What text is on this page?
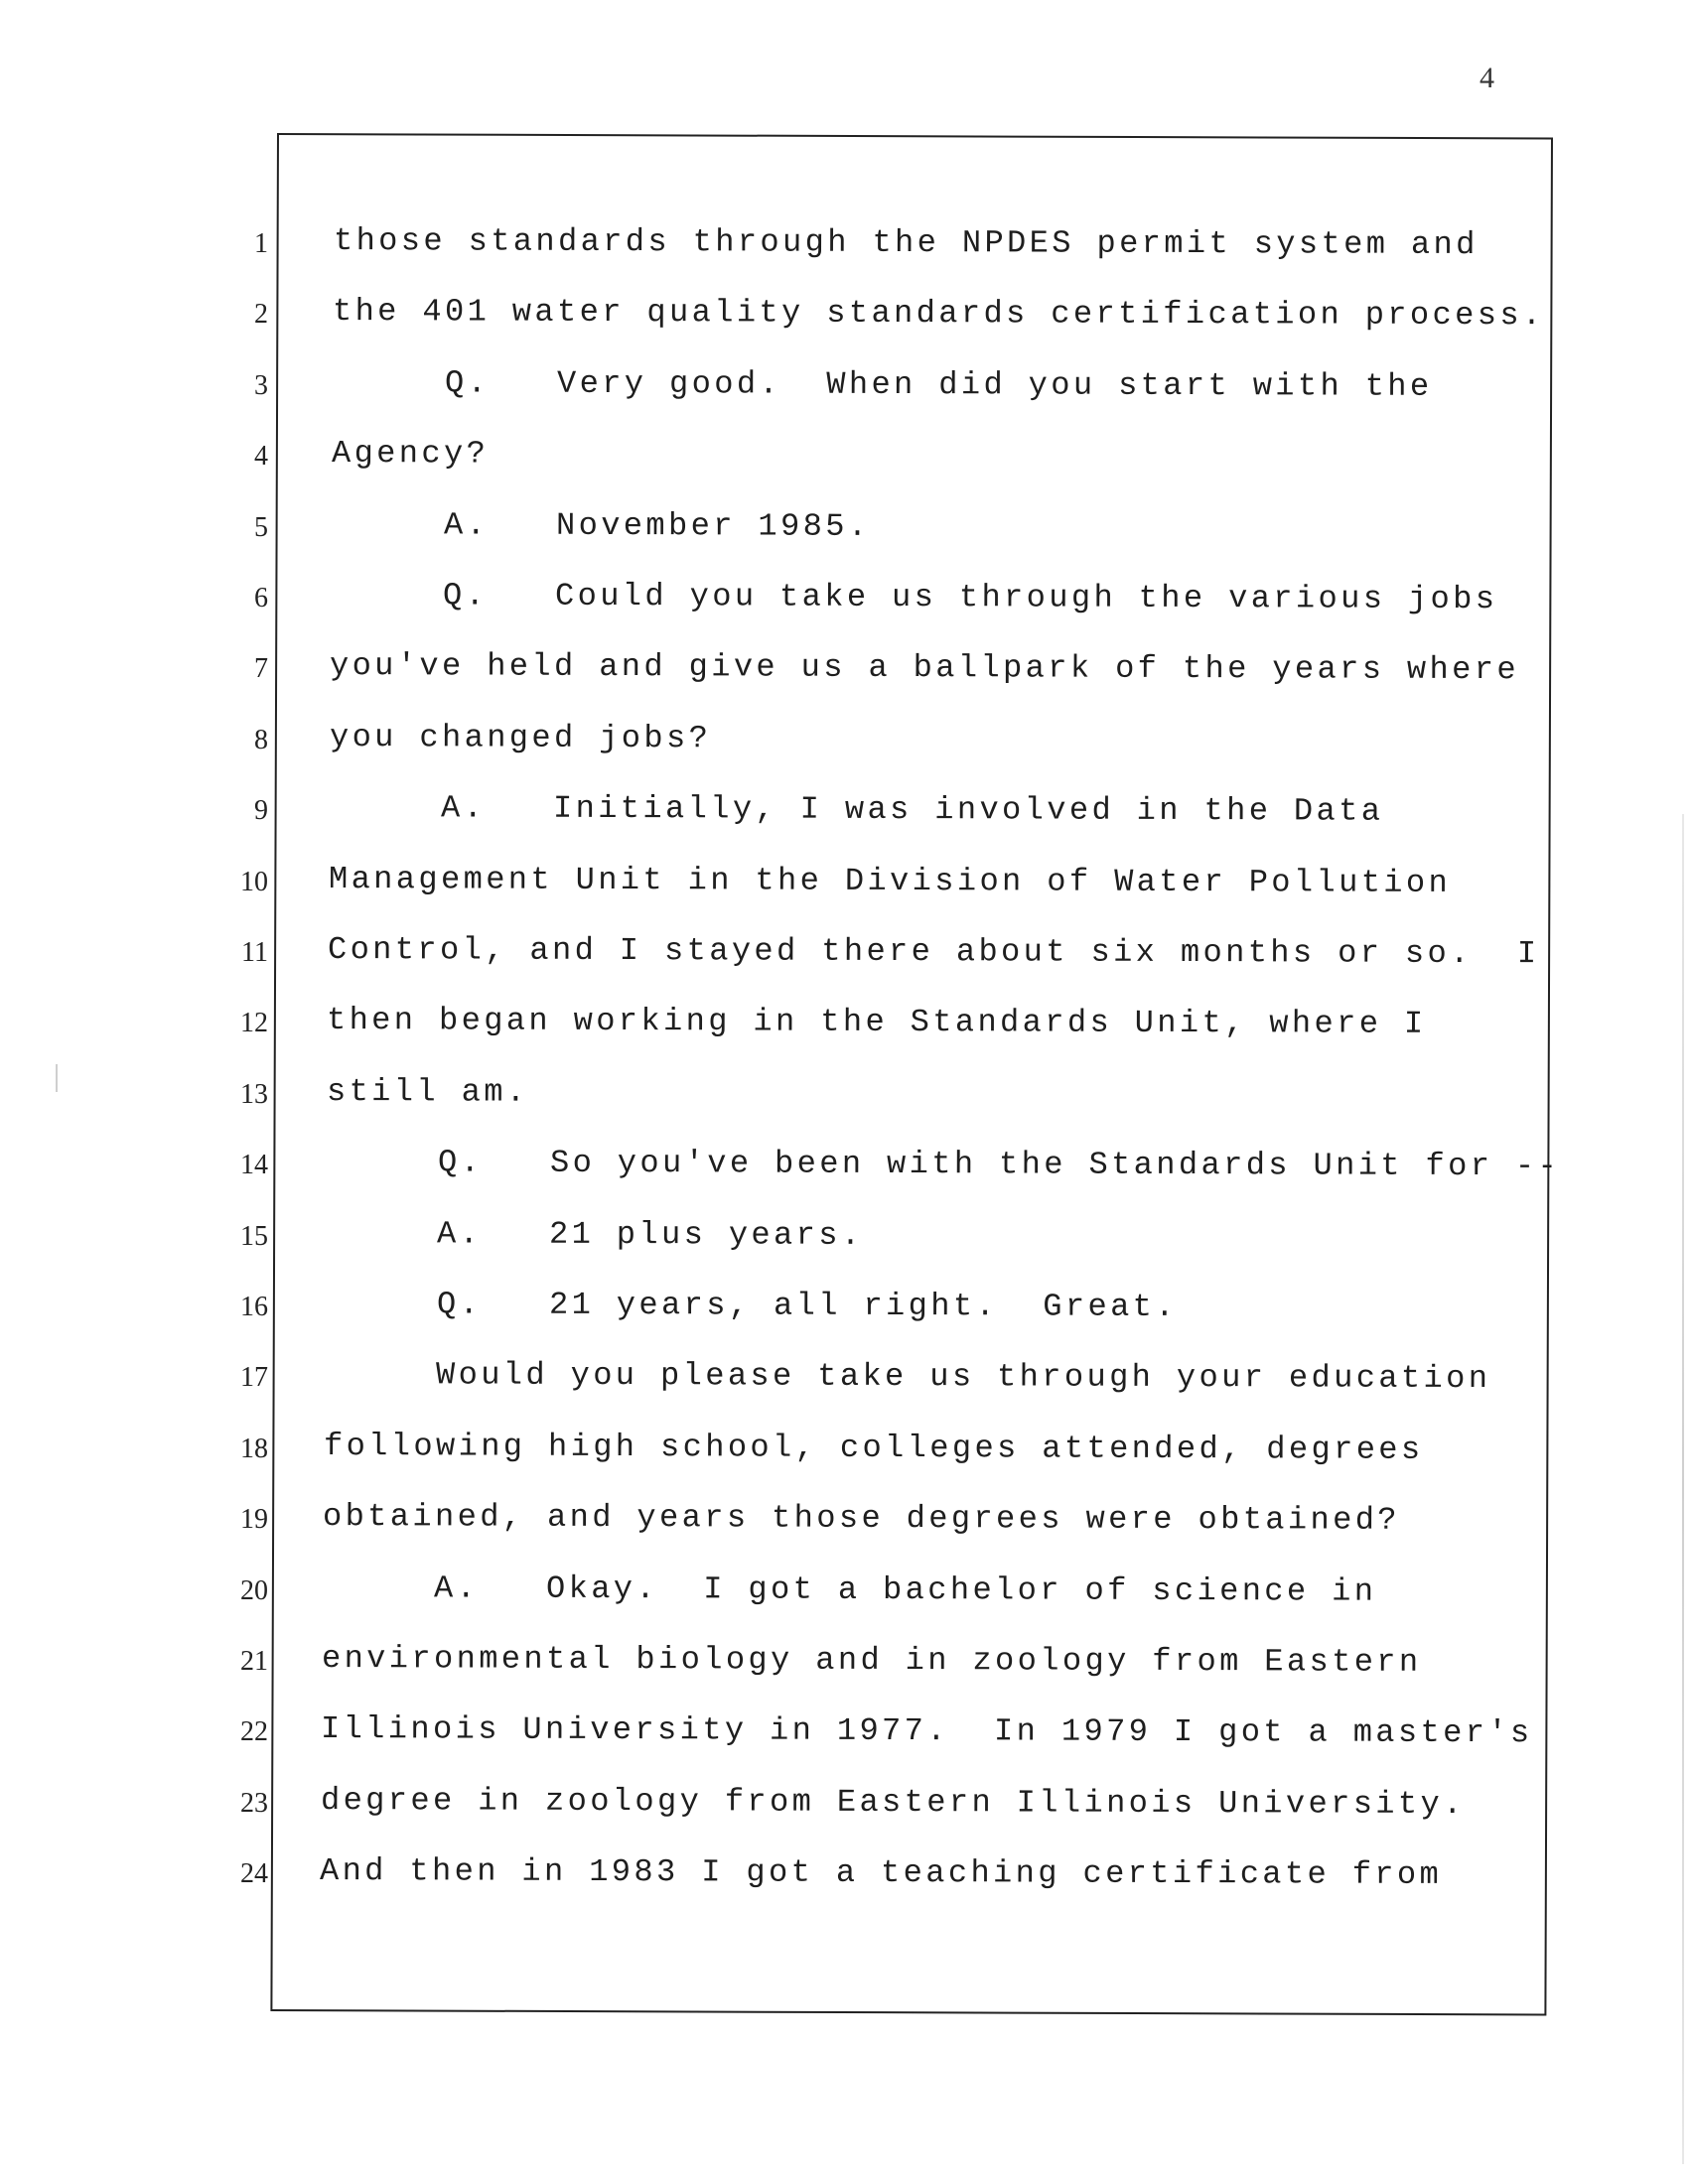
4
1 those standards through the NPDES permit system and
2 the 401 water quality standards certification process.
3 Q.   Very good.  When did you start with the
4 Agency?
5 A.   November 1985.
6 Q.   Could you take us through the various jobs
7 you've held and give us a ballpark of the years where
8 you changed jobs?
9 A.   Initially, I was involved in the Data
10 Management Unit in the Division of Water Pollution
11 Control, and I stayed there about six months or so.  I
12 then began working in the Standards Unit, where I
13 still am.
14 Q.   So you've been with the Standards Unit for --
15 A.   21 plus years.
16 Q.   21 years, all right.  Great.
17 Would you please take us through your education
18 following high school, colleges attended, degrees
19 obtained, and years those degrees were obtained?
20 A.   Okay.  I got a bachelor of science in
21 environmental biology and in zoology from Eastern
22 Illinois University in 1977.  In 1979 I got a master's
23 degree in zoology from Eastern Illinois University.
24 And then in 1983 I got a teaching certificate from
